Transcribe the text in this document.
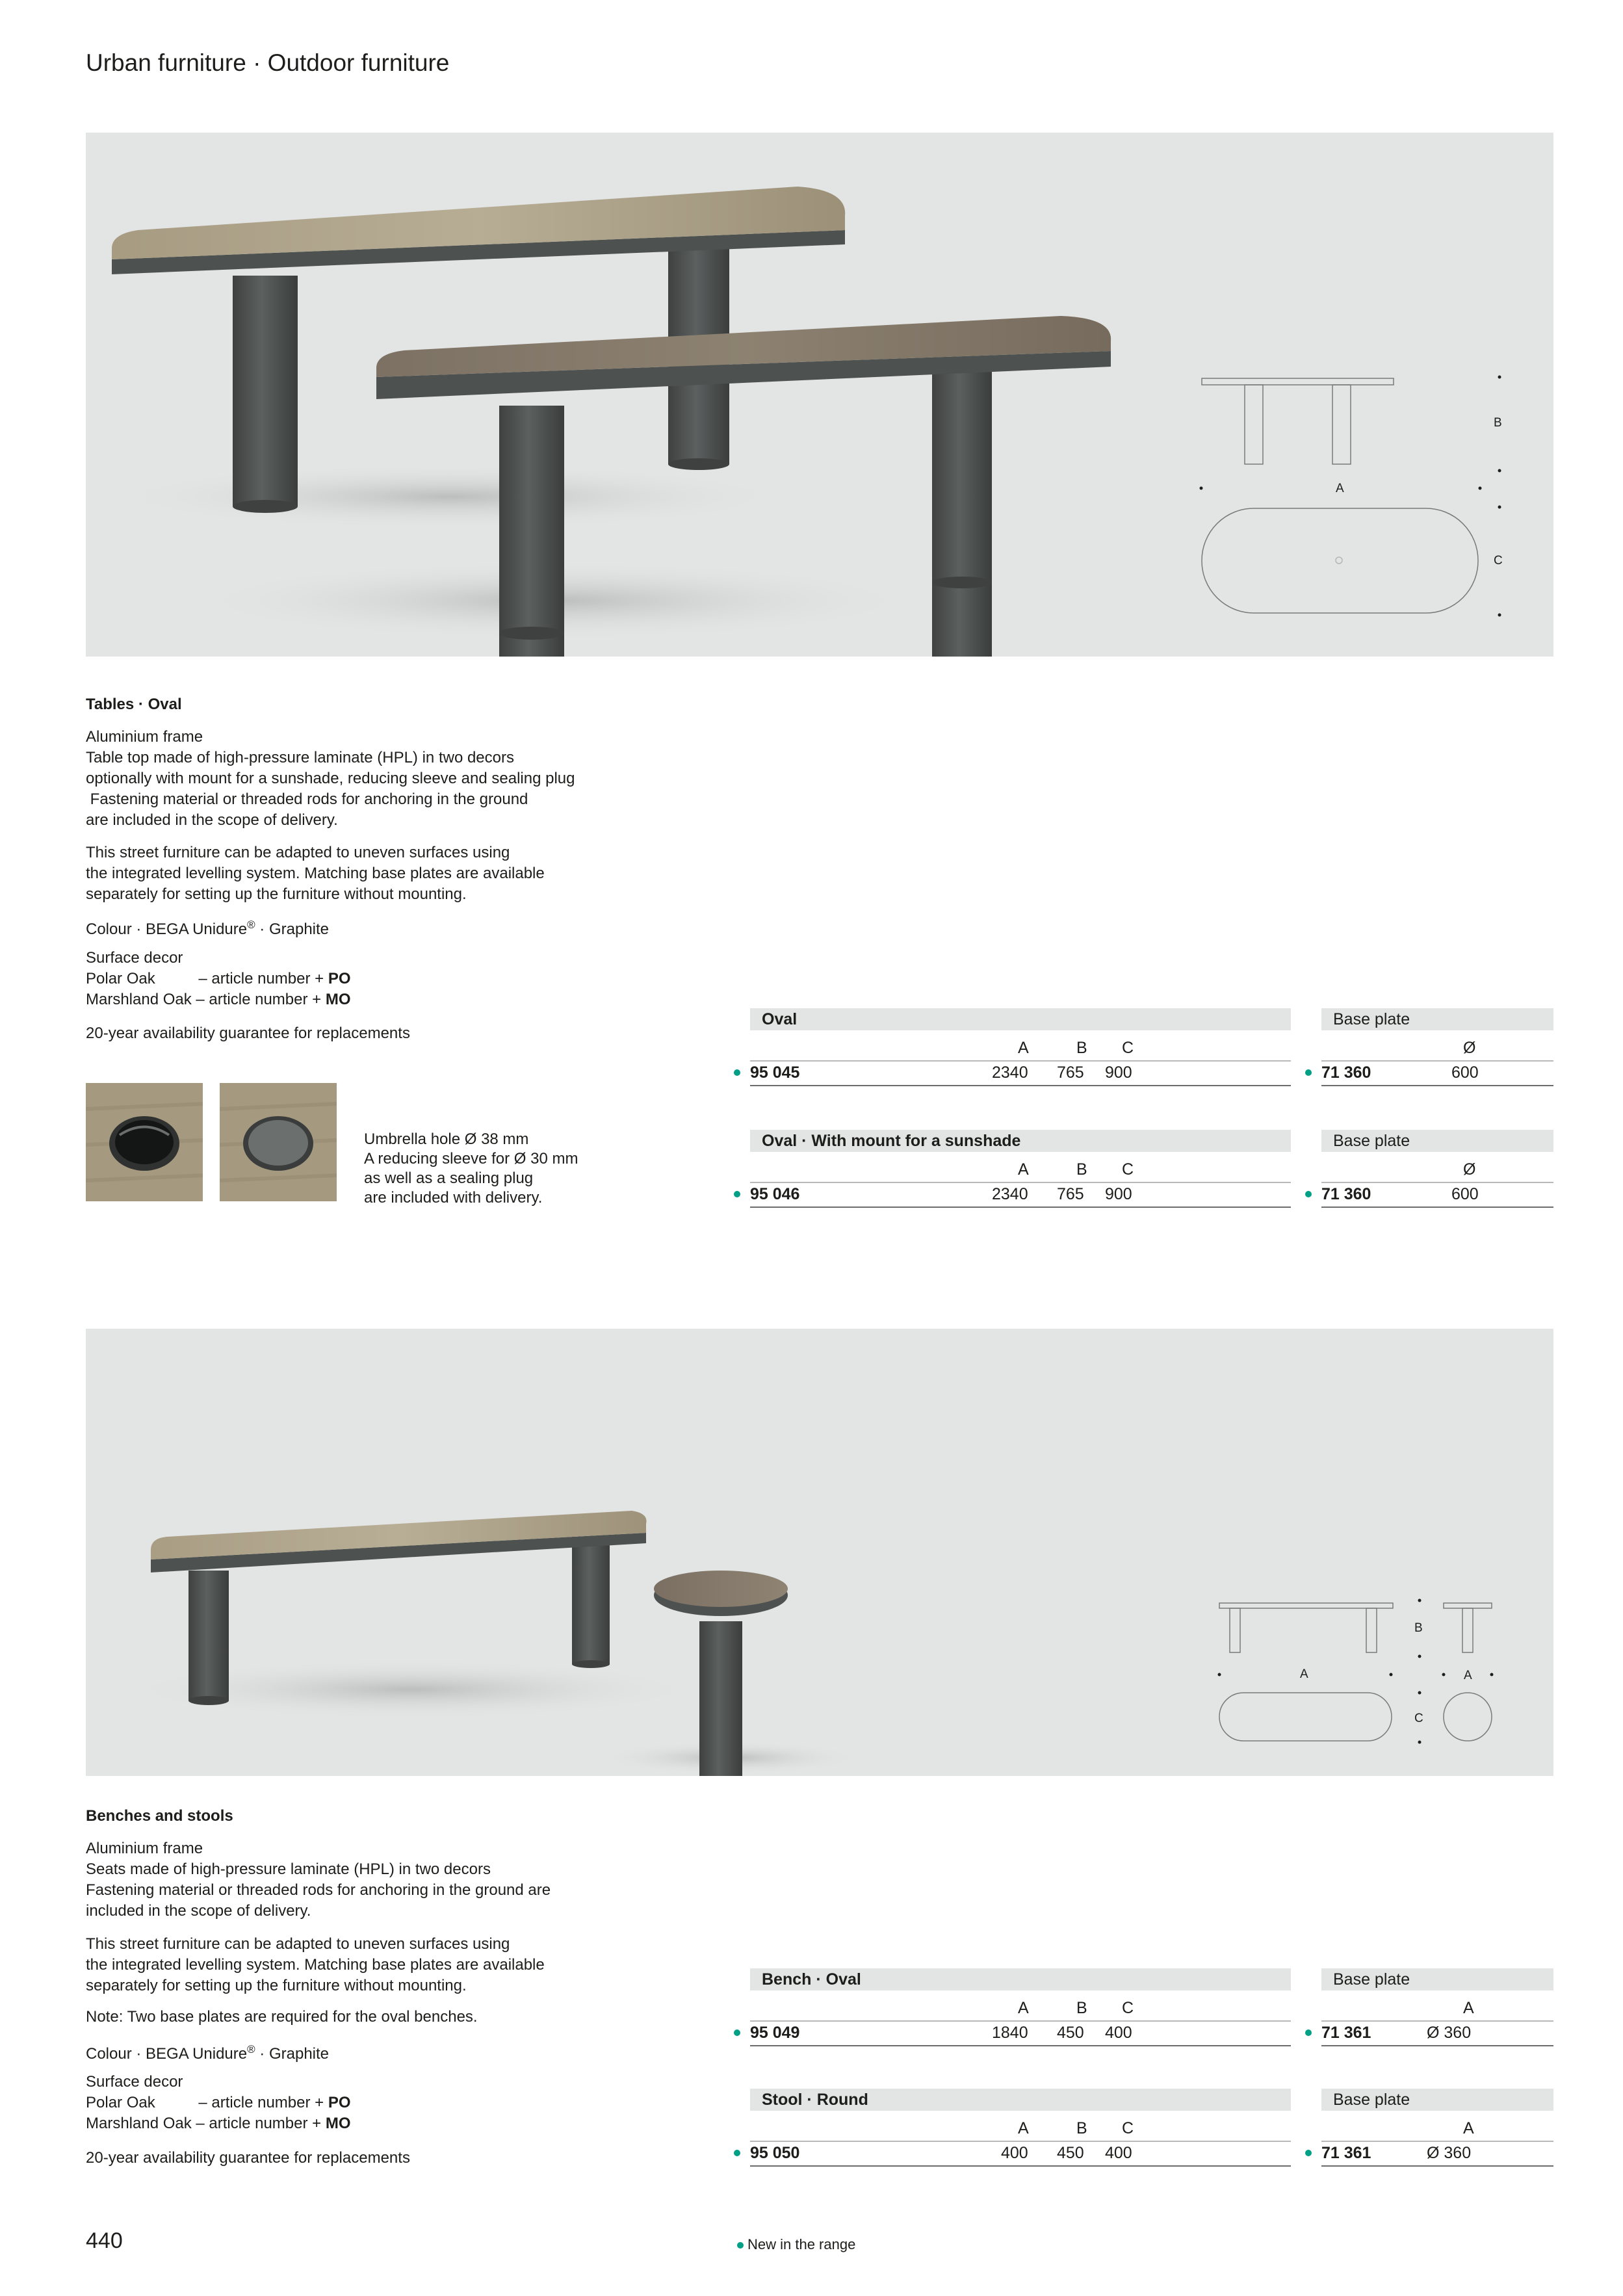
Urban furniture · Outdoor furniture
B
A
C
Tables · Oval
Aluminium frame
Table top made of high-pressure laminate (HPL) in two decors
optionally with mount for a sunshade, reducing sleeve and sealing plug
Fastening material or threaded rods for anchoring in the ground
are included in the scope of delivery.
This street furniture can be adapted to uneven surfaces using
the integrated levelling system. Matching base plates are available
separately for setting up the furniture without mounting.
Colour · BEGA Unidure® · Graphite
Surface decor
Polar Oak          – article number + PO
Marshland Oak – article number + MO
20-year availability guarantee for replacements
Umbrella hole Ø 38 mm
A reducing sleeve for Ø 30 mm
as well as a sealing plug
are included with delivery.
Oval
A	B C
95 045	2340 765 900
Base plate
Ø
71 360	600
Oval · With mount for a sunshade
A	B C
95 046	2340 765 900
Base plate
Ø
71 360	600
B
A	A
C
Benches and stools
Aluminium frame
Seats made of high-pressure laminate (HPL) in two decors
Fastening material or threaded rods for anchoring in the ground are
included in the scope of delivery.
This street furniture can be adapted to uneven surfaces using
the integrated levelling system. Matching base plates are available
separately for setting up the furniture without mounting.
Note: Two base plates are required for the oval benches.
Colour · BEGA Unidure® · Graphite
Surface decor
Polar Oak          – article number + PO
Marshland Oak – article number + MO
20-year availability guarantee for replacements
Bench · Oval
A	B C
95 049	1840 450 400
Base plate
A
71 361	Ø 360
Stool · Round
A	B C
95 050	400 450 400
Base plate
A
71 361	Ø 360
440	New in the range
